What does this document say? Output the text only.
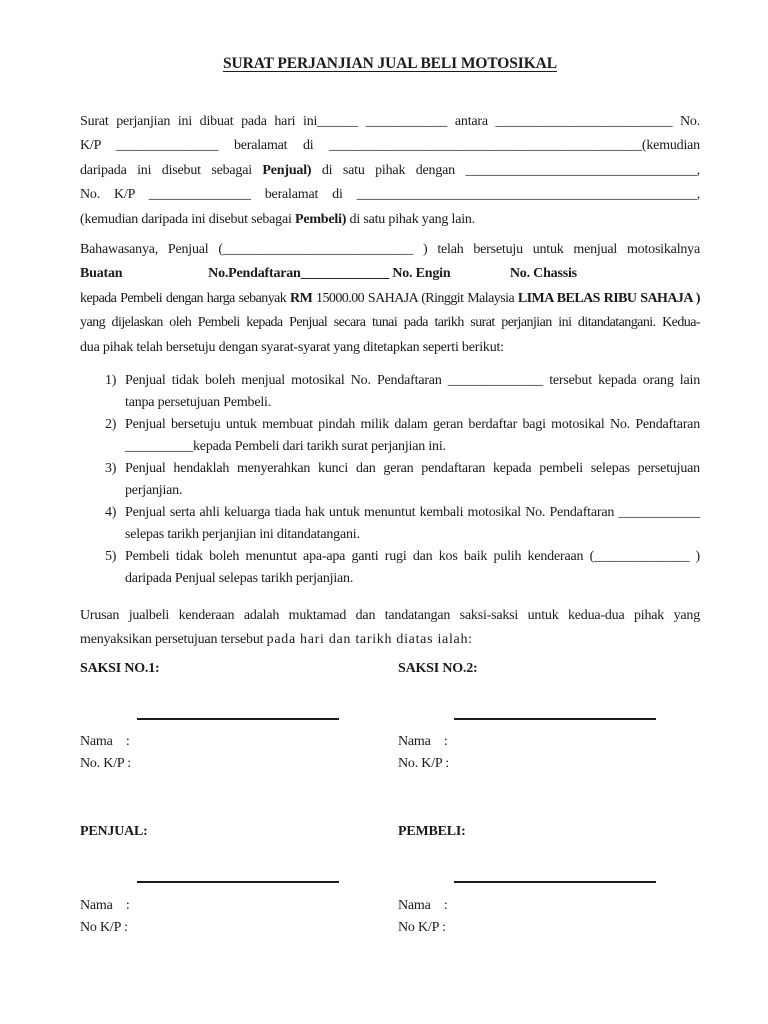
SURAT PERJANJIAN JUAL BELI MOTOSIKAL
Surat perjanjian ini dibuat pada hari ini______ ____________ antara __________________________ No.
K/P _______________ beralamat di ______________________________________________(kemudian
daripada ini disebut sebagai Penjual) di satu pihak dengan __________________________________,
No. K/P _______________ beralamat di __________________________________________________,
(kemudian daripada ini disebut sebagai Pembeli) di satu pihak yang lain.
Bahawasanya, Penjual (____________________________ ) telah bersetuju untuk menjual motosikalnya
Buatan                          No.Pendaftaran_____________ No. Engin                  No. Chassis
kepada Pembeli dengan harga sebanyak RM 15000.00 SAHAJA (Ringgit Malaysia LIMA BELAS RIBU SAHAJA )
yang dijelaskan oleh Pembeli kepada Penjual secara tunai pada tarikh surat perjanjian ini ditandatangani. Kedua-
dua pihak telah bersetuju dengan syarat-syarat yang ditetapkan seperti berikut:
1) Penjual tidak boleh menjual motosikal No. Pendaftaran ______________ tersebut kepada orang lain
tanpa persetujuan Pembeli.
2) Penjual bersetuju untuk membuat pindah milik dalam geran berdaftar bagi motosikal No. Pendaftaran
__________kepada Pembeli dari tarikh surat perjanjian ini.
3) Penjual hendaklah menyerahkan kunci dan geran pendaftaran kepada pembeli selepas persetujuan
perjanjian.
4) Penjual serta ahli keluarga tiada hak untuk menuntut kembali motosikal No. Pendaftaran ____________
selepas tarikh perjanjian ini ditandatangani.
5) Pembeli tidak boleh menuntut apa-apa ganti rugi dan kos baik pulih kenderaan (______________ )
daripada Penjual selepas tarikh perjanjian.
Urusan jualbeli kenderaan adalah muktamad dan tandatangan saksi-saksi untuk kedua-dua pihak yang
menyaksikan persetujuan tersebut pada hari dan tarikh diatas ialah:
SAKSI NO.1:	SAKSI NO.2:
Nama    :
No. K/P :
Nama    :
No. K/P :
PENJUAL:	PEMBELI:
Nama    :
No K/P :
Nama    :
No K/P :
